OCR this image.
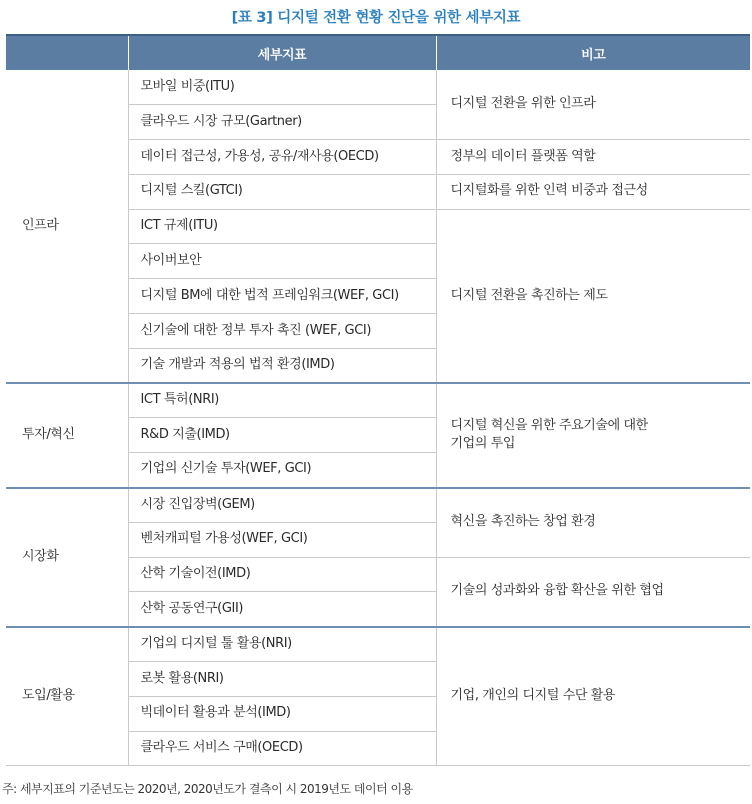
[표 3] 디지털 전환 현황 진단을 위한 세부지표
	세부지표	비고
인프라	모바일 비중(ITU)	디지털 전환을 위한 인프라
	클라우드 시장 규모(Gartner)	
	데이터 접근성, 가용성, 공유/재사용(OECD)	정부의 데이터 플랫폼 역할
	디지털 스킬(GTCI)	디지털화를 위한 인력 비중과 접근성
	ICT 규제(ITU)	디지털 전환을 촉진하는 제도
	사이버보안	
	디지털 BM에 대한 법적 프레임워크(WEF, GCI)	
	신기술에 대한 정부 투자 촉진 (WEF, GCI)	
	기술 개발과 적용의 법적 환경(IMD)	
투자/혁신	ICT 특허(NRI)	디지털 혁신을 위한 주요기술에 대한 기업의 투입
	R&D 지출(IMD)	
	기업의 신기술 투자(WEF, GCI)	
시장화	시장 진입장벽(GEM)	혁신을 촉진하는 창업 환경
	벤처캐피털 가용성(WEF, GCI)	
	산학 기술이전(IMD)	기술의 성과화와 융합 확산을 위한 협업
	산학 공동연구(GII)	
도입/활용	기업의 디지털 툴 활용(NRI)	기업, 개인의 디지털 수단 활용
	로봇 활용(NRI)	
	빅데이터 활용과 분석(IMD)	
	클라우드 서비스 구매(OECD)	
주: 세부지표의 기준년도는 2020년, 2020년도가 결측이 시 2019년도 데이터 이용
